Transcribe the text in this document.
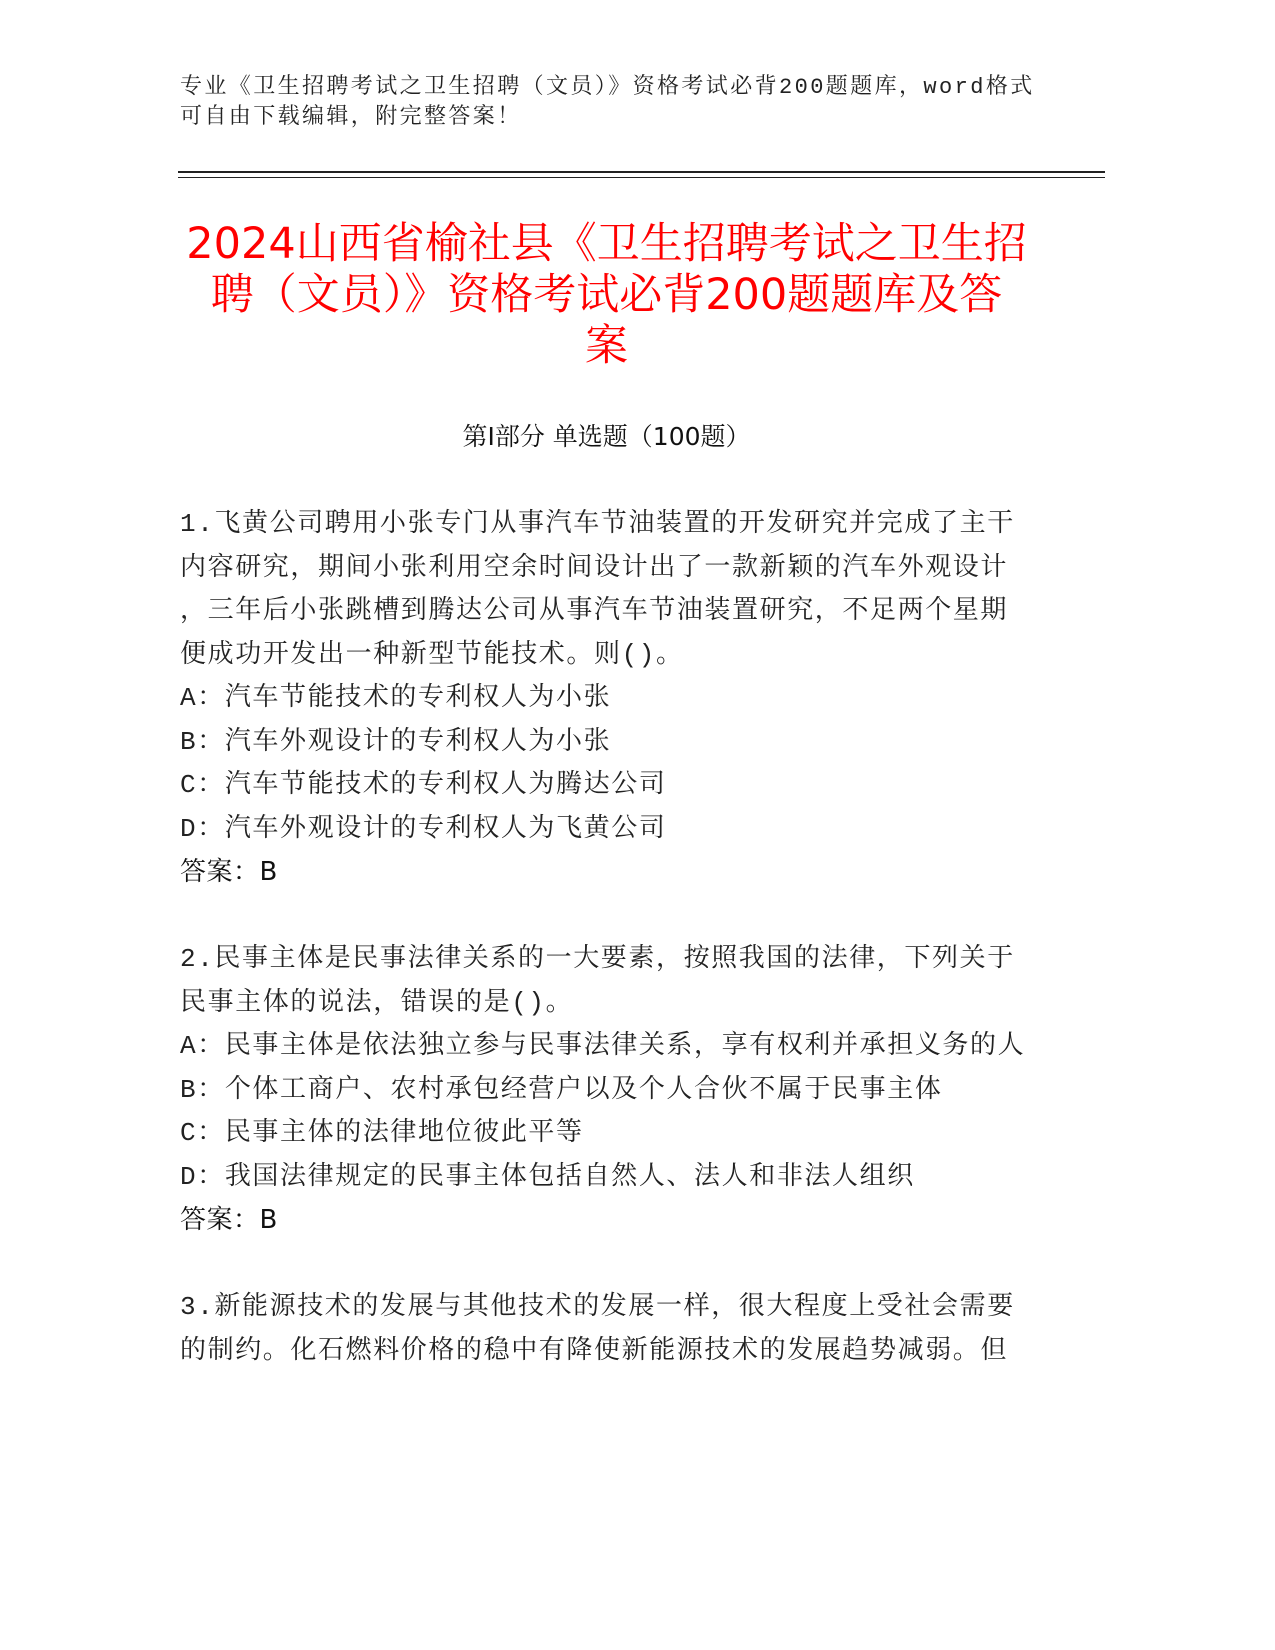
专业《卫生招聘考试之卫生招聘（文员）》资格考试必背200题题库，word格式
可自由下载编辑，附完整答案！
2024山西省榆社县《卫生招聘考试之卫生招
聘（文员）》资格考试必背200题题库及答
案
第I部分 单选题（100题）
1.飞黄公司聘用小张专门从事汽车节油装置的开发研究并完成了主干
内容研究，期间小张利用空余时间设计出了一款新颖的汽车外观设计
，三年后小张跳槽到腾达公司从事汽车节油装置研究，不足两个星期
便成功开发出一种新型节能技术。则()。
A：汽车节能技术的专利权人为小张
B：汽车外观设计的专利权人为小张
C：汽车节能技术的专利权人为腾达公司
D：汽车外观设计的专利权人为飞黄公司
答案：B
2.民事主体是民事法律关系的一大要素，按照我国的法律，下列关于
民事主体的说法，错误的是()。
A：民事主体是依法独立参与民事法律关系，享有权利并承担义务的人
B：个体工商户、农村承包经营户以及个人合伙不属于民事主体
C：民事主体的法律地位彼此平等
D：我国法律规定的民事主体包括自然人、法人和非法人组织
答案：B
3.新能源技术的发展与其他技术的发展一样，很大程度上受社会需要
的制约。化石燃料价格的稳中有降使新能源技术的发展趋势减弱。但
